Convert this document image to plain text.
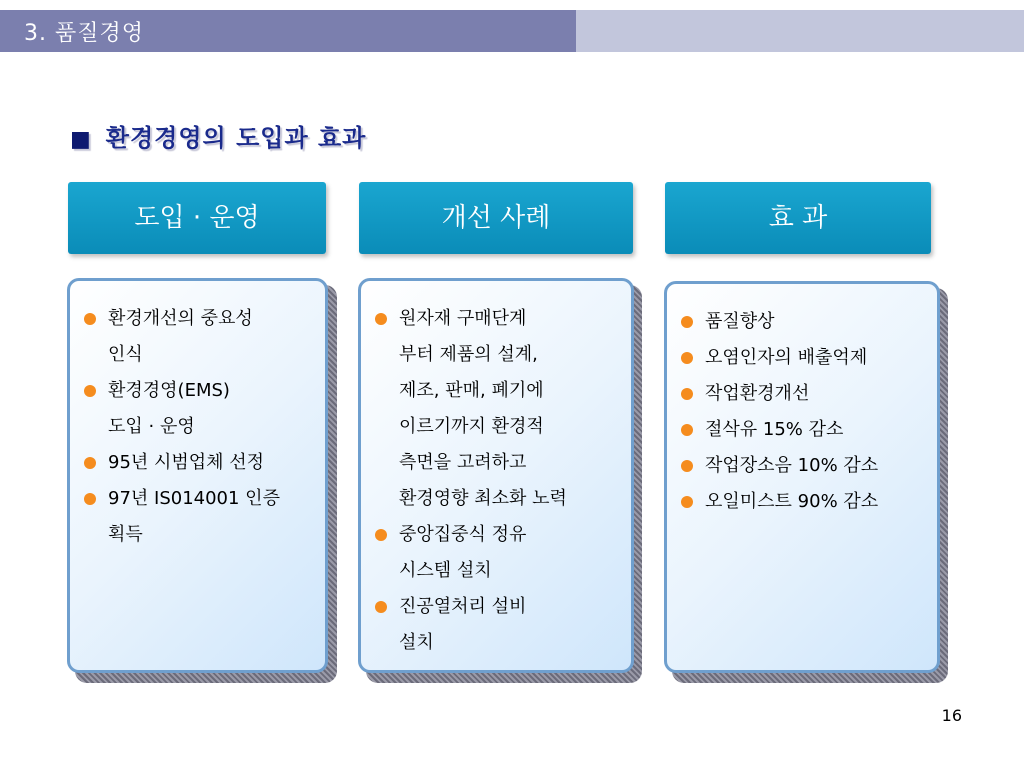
3. 품질경영
■ 환경경영의 도입과 효과
도입 · 운영	개선 사례	효 과
환경개선의 중요성
인식
환경경영(EMS)
도입 · 운영
95년 시범업체 선정
97년 IS014001 인증
획득
원자재 구매단계
부터 제품의 설계,
제조, 판매, 폐기에
이르기까지 환경적
측면을 고려하고
환경영향 최소화 노력
중앙집중식 정유
시스템 설치
진공열처리 설비
설치
품질향상
오염인자의 배출억제
작업환경개선
절삭유 15% 감소
작업장소음 10% 감소
오일미스트 90% 감소
16
